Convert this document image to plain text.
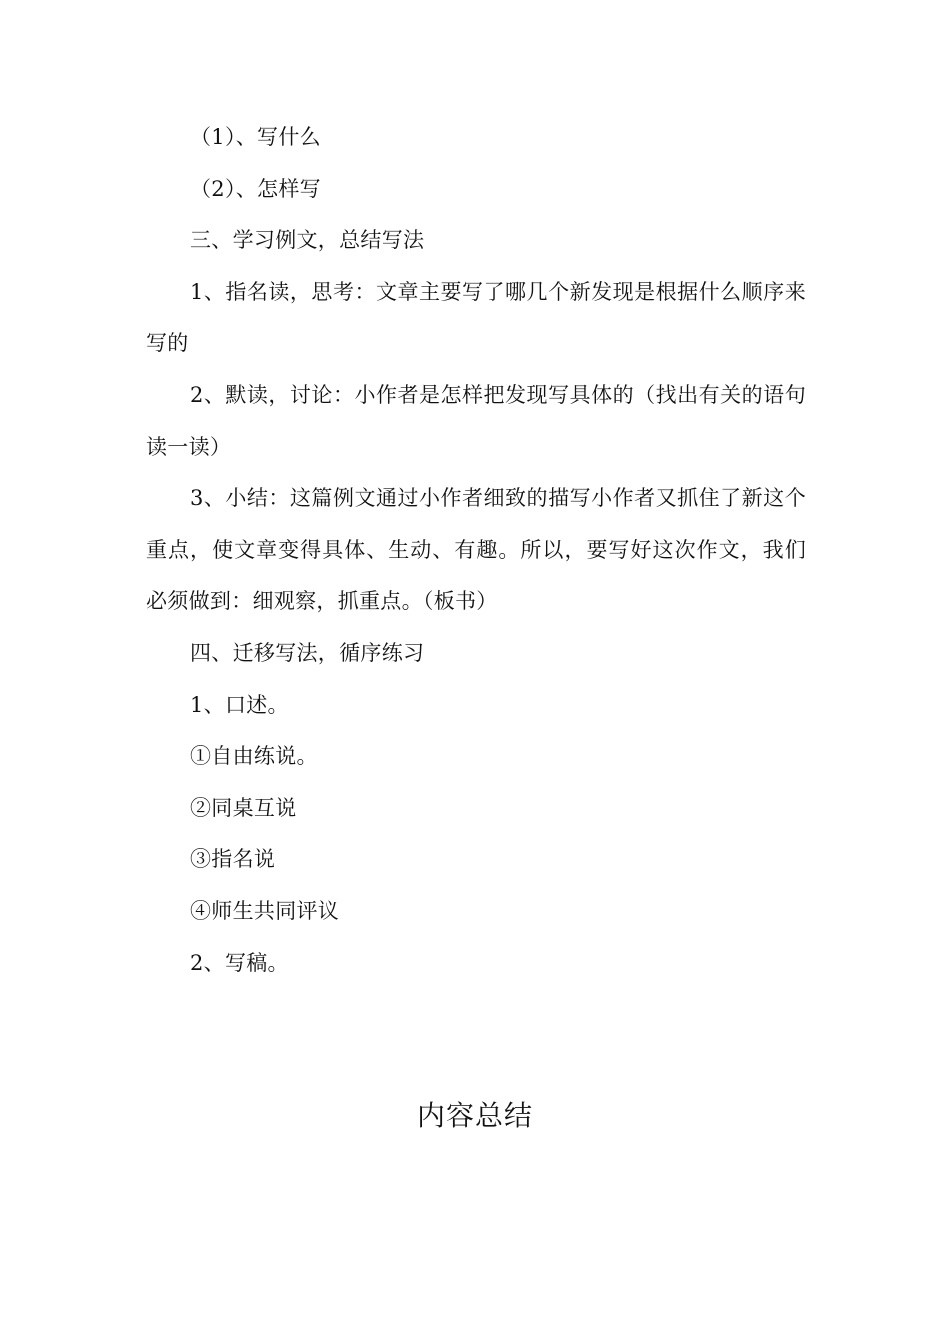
（1）、写什么

（2）、怎样写

三、学习例文，总结写法

1、指名读，思考：文章主要写了哪几个新发现是根据什么顺序来写的

2、默读，讨论：小作者是怎样把发现写具体的（找出有关的语句读一读）

3、小结：这篇例文通过小作者细致的描写小作者又抓住了新这个重点，使文章变得具体、生动、有趣。所以，要写好这次作文，我们必须做到：细观察，抓重点。（板书）

四、迁移写法，循序练习

1、口述。

①自由练说。

②同桌互说

③指名说

④师生共同评议

2、写稿。

内容总结
